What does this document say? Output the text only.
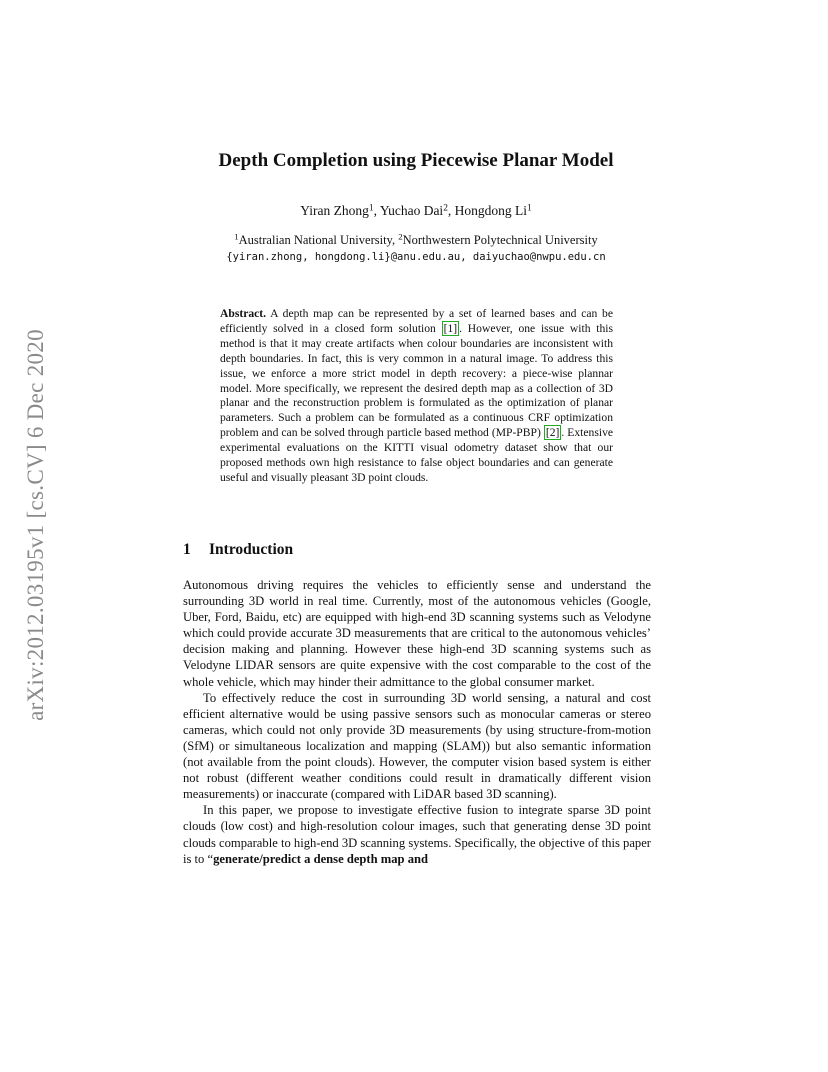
arXiv:2012.03195v1 [cs.CV] 6 Dec 2020
Depth Completion using Piecewise Planar Model
Yiran Zhong$^1$, Yuchao Dai$^2$, Hongdong Li$^1$
$^1$Australian National University, $^2$Northwestern Polytechnical University
{yiran.zhong, hongdong.li}@anu.edu.au, daiyuchao@nwpu.edu.cn
Abstract. A depth map can be represented by a set of learned bases and can be efficiently solved in a closed form solution [1] . However, one issue with this method is that it may create artifacts when colour boundaries are inconsistent with depth boundaries. In fact, this is very common in a natural image. To address this issue, we enforce a more strict model in depth recovery: a piece-wise plannar model. More specifically, we represent the desired depth map as a collection of 3D planar and the reconstruction problem is formulated as the optimization of planar parameters. Such a problem can be formulated as a continuous CRF optimization problem and can be solved through particle based method (MP-PBP) [2] . Extensive experimental evaluations on the KITTI visual odometry dataset show that our proposed methods own high resistance to false object boundaries and can generate useful and visually pleasant 3D point clouds.
1 Introduction

Autonomous driving requires the vehicles to efficiently sense and understand the surrounding 3D world in real time. Currently, most of the autonomous vehicles (Google, Uber, Ford, Baidu, etc) are equipped with high-end 3D scanning systems such as Velodyne which could provide accurate 3D measurements that are critical to the autonomous vehicles’ decision making and planning. However these high-end 3D scanning systems such as Velodyne LIDAR sensors are quite expensive with the cost comparable to the cost of the whole vehicle, which may hinder their admittance to the global consumer market.

To effectively reduce the cost in surrounding 3D world sensing, a natural and cost efficient alternative would be using passive sensors such as monocular cameras or stereo cameras, which could not only provide 3D measurements (by using structure-from-motion (SfM) or simultaneous localization and mapping (SLAM)) but also semantic information (not available from the point clouds). However, the computer vision based system is either not robust (different weather conditions could result in dramatically different vision measurements) or inaccurate (compared with LiDAR based 3D scanning).

In this paper, we propose to investigate effective fusion to integrate sparse 3D point clouds (low cost) and high-resolution colour images, such that generating dense 3D point clouds comparable to high-end 3D scanning systems. Specifically, the objective of this paper is to “generate/predict a dense depth map and
